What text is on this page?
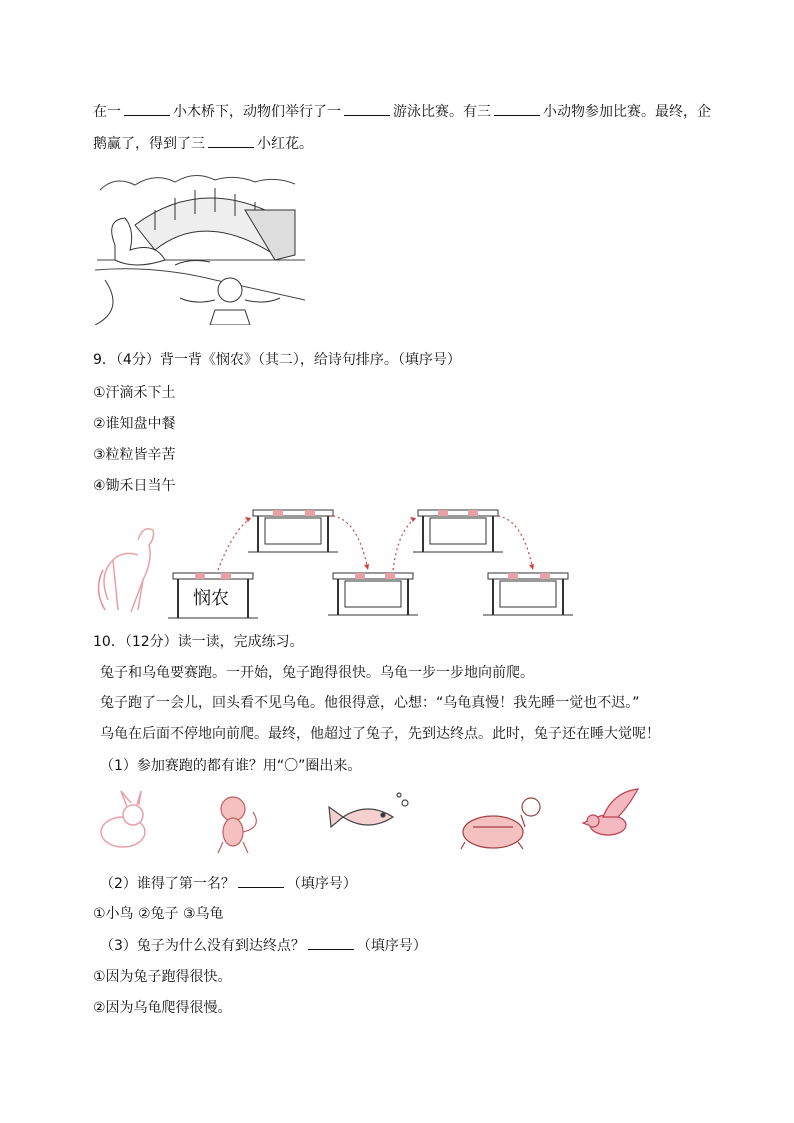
在一	小木桥下，动物们举行了一	游泳比赛。有三	小动物参加比赛。最终，企
鹅赢了，得到了三	小红花。
9．（4分）背一背《悯农》（其二），给诗句排序。（填序号）
①汗滴禾下土
②谁知盘中餐
③粒粒皆辛苦
④锄禾日当午
悯农
10．（12分）读一读，完成练习。
兔子和乌龟要赛跑。一开始，兔子跑得很快。乌龟一步一步地向前爬。
兔子跑了一会儿，回头看不见乌龟。他很得意，心想：“乌龟真慢！我先睡一觉也不迟。”
乌龟在后面不停地向前爬。最终，他超过了兔子，先到达终点。此时，兔子还在睡大觉呢！
（1）参加赛跑的都有谁？用“〇”圈出来。
（2）谁得了第一名？	（填序号）
①小鸟 ②兔子 ③乌龟
（3）兔子为什么没有到达终点？	（填序号）
①因为兔子跑得很快。
②因为乌龟爬得很慢。
